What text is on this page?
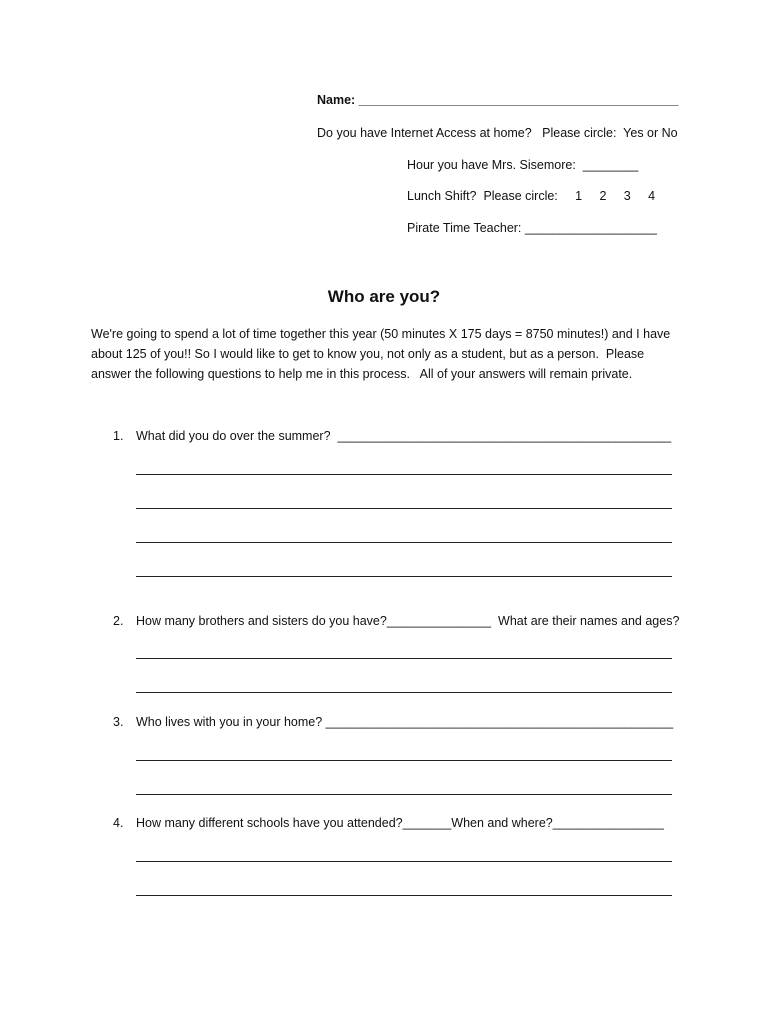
Name: ______________________________________________
Do you have Internet Access at home?   Please circle:  Yes or No
Hour you have Mrs. Sisemore:  ________
Lunch Shift?  Please circle:     1     2     3     4
Pirate Time Teacher: ___________________
Who are you?
We're going to spend a lot of time together this year (50 minutes X 175 days = 8750 minutes!) and I have
about 125 of you!! So I would like to get to know you, not only as a student, but as a person.  Please
answer the following questions to help me in this process.   All of your answers will remain private.
1. What did you do over the summer?  ________________________________________________
2. How many brothers and sisters do you have?_______________  What are their names and ages?
3. Who lives with you in your home? __________________________________________________
4. How many different schools have you attended?_______When and where?________________
